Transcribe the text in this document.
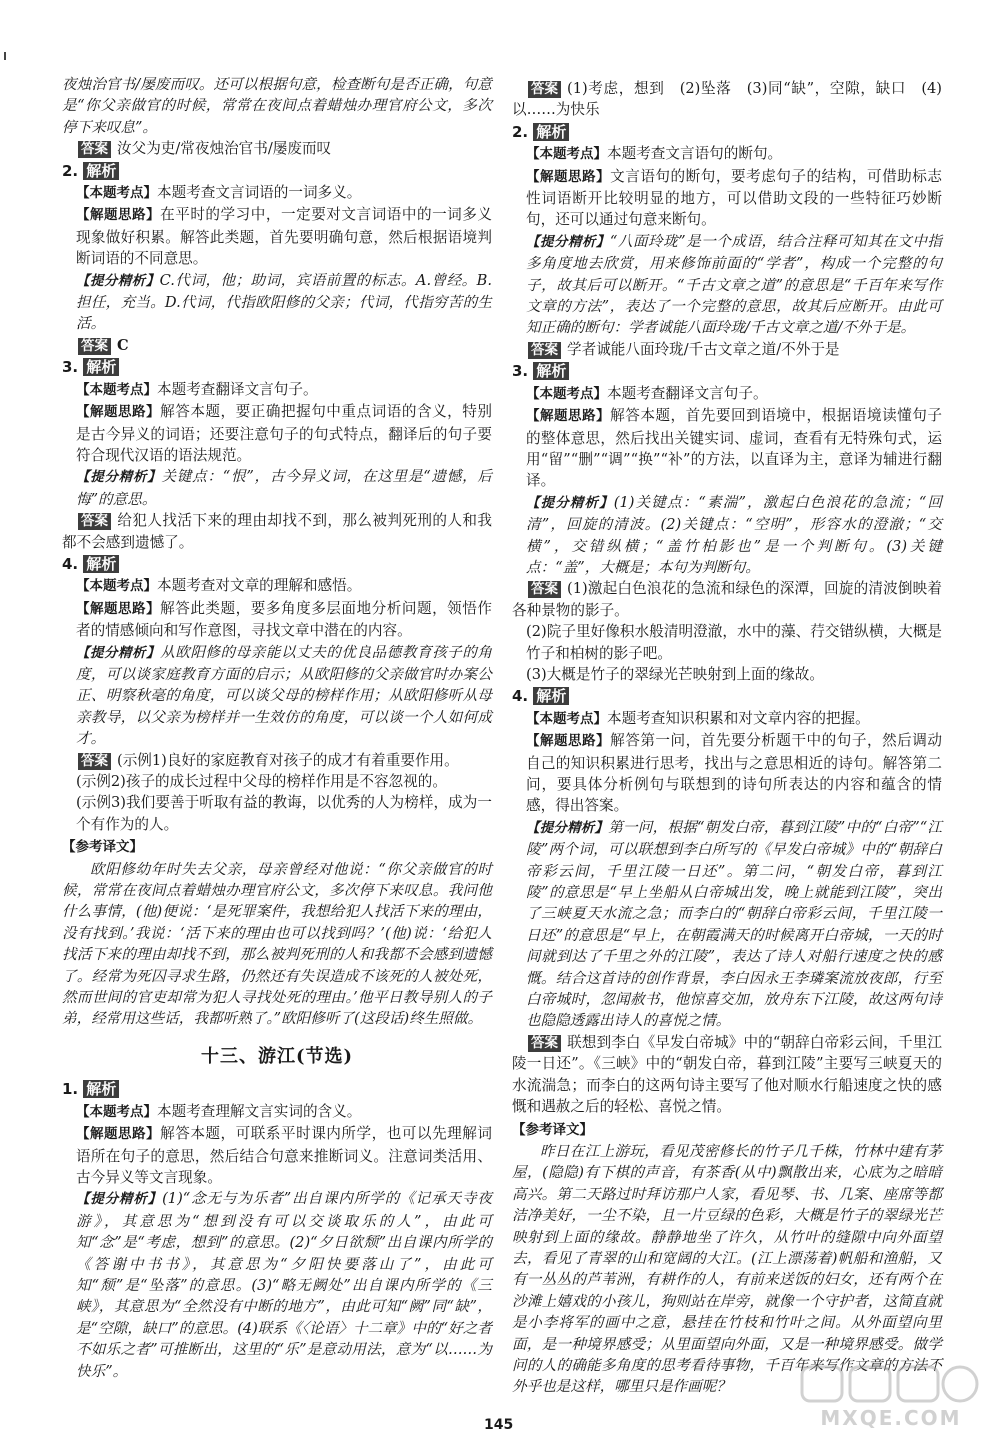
夜烛治官书/屡废而叹。还可以根据句意，检查断句是否正确，句意是“你父亲做官的时候，常常在夜间点着蜡烛办理官府公文，多次停下来叹息”。

答案 汝父为吏/常夜烛治官书/屡废而叹

2. 解析

【本题考点】本题考查文言词语的一词多义。

【解题思路】在平时的学习中，一定要对文言词语中的一词多义现象做好积累。解答此类题，首先要明确句意，然后根据语境判断词语的不同意思。

【提分精析】C.代词，他；助词，宾语前置的标志。A.曾经。B.担任，充当。D.代词，代指欧阳修的父亲；代词，代指穷苦的生活。

答案 C

3. 解析

【本题考点】本题考查翻译文言句子。

【解题思路】解答本题，要正确把握句中重点词语的含义，特别是古今异义的词语；还要注意句子的句式特点，翻译后的句子要符合现代汉语的语法规范。

【提分精析】关键点：“恨”，古今异义词，在这里是“遗憾，后悔”的意思。

答案 给犯人找活下来的理由却找不到，那么被判死刑的人和我都不会感到遗憾了。

4. 解析

【本题考点】本题考查对文章的理解和感悟。

【解题思路】解答此类题，要多角度多层面地分析问题，领悟作者的情感倾向和写作意图，寻找文章中潜在的内容。

【提分精析】从欧阳修的母亲能以丈夫的优良品德教育孩子的角度，可以谈家庭教育方面的启示；从欧阳修的父亲做官时办案公正、明察秋毫的角度，可以谈父母的榜样作用；从欧阳修听从母亲教导，以父亲为榜样并一生效仿的角度，可以谈一个人如何成才。

答案 (示例1)良好的家庭教育对孩子的成才有着重要作用。

(示例2)孩子的成长过程中父母的榜样作用是不容忽视的。

(示例3)我们要善于听取有益的教诲，以优秀的人为榜样，成为一个有作为的人。

【参考译文】

欧阳修幼年时失去父亲，母亲曾经对他说：“你父亲做官的时候，常常在夜间点着蜡烛办理官府公文，多次停下来叹息。我问他什么事情，(他)便说：‘是死罪案件，我想给犯人找活下来的理由，没有找到。’我说：‘活下来的理由也可以找到吗？’(他)说：‘给犯人找活下来的理由却找不到，那么被判死刑的人和我都不会感到遗憾了。经常为死囚寻求生路，仍然还有失误造成不该死的人被处死，然而世间的官吏却常为犯人寻找处死的理由。’他平日教导别人的子弟，经常用这些话，我都听熟了。”欧阳修听了(这段话)终生照做。

十三、游江(节选)

1. 解析

【本题考点】本题考查理解文言实词的含义。

【解题思路】解答本题，可联系平时课内所学，也可以先理解词语所在句子的意思，然后结合句意来推断词义。注意词类活用、古今异义等文言现象。

【提分精析】(1)“念无与为乐者”出自课内所学的《记承天寺夜游》，其意思为“想到没有可以交谈取乐的人”，由此可知“念”是“考虑，想到”的意思。(2)“夕日欲颓”出自课内所学的《答谢中书书》，其意思为“夕阳快要落山了”，由此可知“颓”是“坠落”的意思。(3)“略无阙处”出自课内所学的《三峡》，其意思为“全然没有中断的地方”，由此可知“阙”同“缺”，是“空隙，缺口”的意思。(4)联系《〈论语〉十二章》中的“好之者不如乐之者”可推断出，这里的“乐”是意动用法，意为“以……为快乐”。

答案 (1)考虑，想到　(2)坠落　(3)同“缺”，空隙，缺口　(4)以……为快乐

2. 解析

【本题考点】本题考查文言语句的断句。

【解题思路】文言语句的断句，要考虑句子的结构，可借助标志性词语断开比较明显的地方，可以借助文段的一些特征巧妙断句，还可以通过句意来断句。

【提分精析】“八面玲珑”是一个成语，结合注释可知其在文中指多角度地去欣赏，用来修饰前面的“学者”，构成一个完整的句子，故其后可以断开。“千古文章之道”的意思是“千百年来写作文章的方法”，表达了一个完整的意思，故其后应断开。由此可知正确的断句：学者诚能八面玲珑/千古文章之道/不外于是。

答案 学者诚能八面玲珑/千古文章之道/不外于是

3. 解析

【本题考点】本题考查翻译文言句子。

【解题思路】解答本题，首先要回到语境中，根据语境读懂句子的整体意思，然后找出关键实词、虚词，查看有无特殊句式，运用“留”“删”“调”“换”“补”的方法，以直译为主，意译为辅进行翻译。

【提分精析】(1)关键点：“素湍”，激起白色浪花的急流；“回清”，回旋的清波。(2)关键点：“空明”，形容水的澄澈；“交横”，交错纵横；“盖竹柏影也”是一个判断句。(3)关键点：“盖”，大概是；本句为判断句。

答案 (1)激起白色浪花的急流和绿色的深潭，回旋的清波倒映着各种景物的影子。

(2)院子里好像积水般清明澄澈，水中的藻、荇交错纵横，大概是竹子和柏树的影子吧。

(3)大概是竹子的翠绿光芒映射到上面的缘故。

4. 解析

【本题考点】本题考查知识积累和对文章内容的把握。

【解题思路】解答第一问，首先要分析题干中的句子，然后调动自己的知识积累进行思考，找出与之意思相近的诗句。解答第二问，要具体分析例句与联想到的诗句所表达的内容和蕴含的情感，得出答案。

【提分精析】第一问，根据“朝发白帝，暮到江陵”中的“白帝”“江陵”两个词，可以联想到李白所写的《早发白帝城》中的“朝辞白帝彩云间，千里江陵一日还”。第二问，“朝发白帝，暮到江陵”的意思是“早上坐船从白帝城出发，晚上就能到江陵”，突出了三峡夏天水流之急；而李白的“朝辞白帝彩云间，千里江陵一日还”的意思是“早上，在朝霞满天的时候离开白帝城，一天的时间就到达了千里之外的江陵”，表达了诗人对船行速度之快的感慨。结合这首诗的创作背景，李白因永王李璘案流放夜郎，行至白帝城时，忽闻赦书，他惊喜交加，放舟东下江陵，故这两句诗也隐隐透露出诗人的喜悦之情。

答案 联想到李白《早发白帝城》中的“朝辞白帝彩云间，千里江陵一日还”。《三峡》中的“朝发白帝，暮到江陵”主要写三峡夏天的水流湍急；而李白的这两句诗主要写了他对顺水行船速度之快的感慨和遇赦之后的轻松、喜悦之情。

【参考译文】

昨日在江上游玩，看见茂密修长的竹子几千株，竹林中建有茅屋，(隐隐)有下棋的声音，有茶香(从中)飘散出来，心底为之暗暗高兴。第二天路过时拜访那户人家，看见琴、书、几案、座席等都洁净美好，一尘不染，且一片豆绿的色彩，大概是竹子的翠绿光芒映射到上面的缘故。静静地坐了许久，从竹叶的缝隙中向外面望去，看见了青翠的山和宽阔的大江。(江上漂荡着)帆船和渔船，又有一丛丛的芦苇洲，有耕作的人，有前来送饭的妇女，还有两个在沙滩上嬉戏的小孩儿，狗则站在岸旁，就像一个守护者，这简直就是小李将军的画中之意，悬挂在竹枝和竹叶之间。从外面望向里面，是一种境界感受；从里面望向外面，又是一种境界感受。做学问的人的确能多角度的思考看待事物，千百年来写作文章的方法不外乎也是这样，哪里只是作画呢？

145	MXQE.COM
